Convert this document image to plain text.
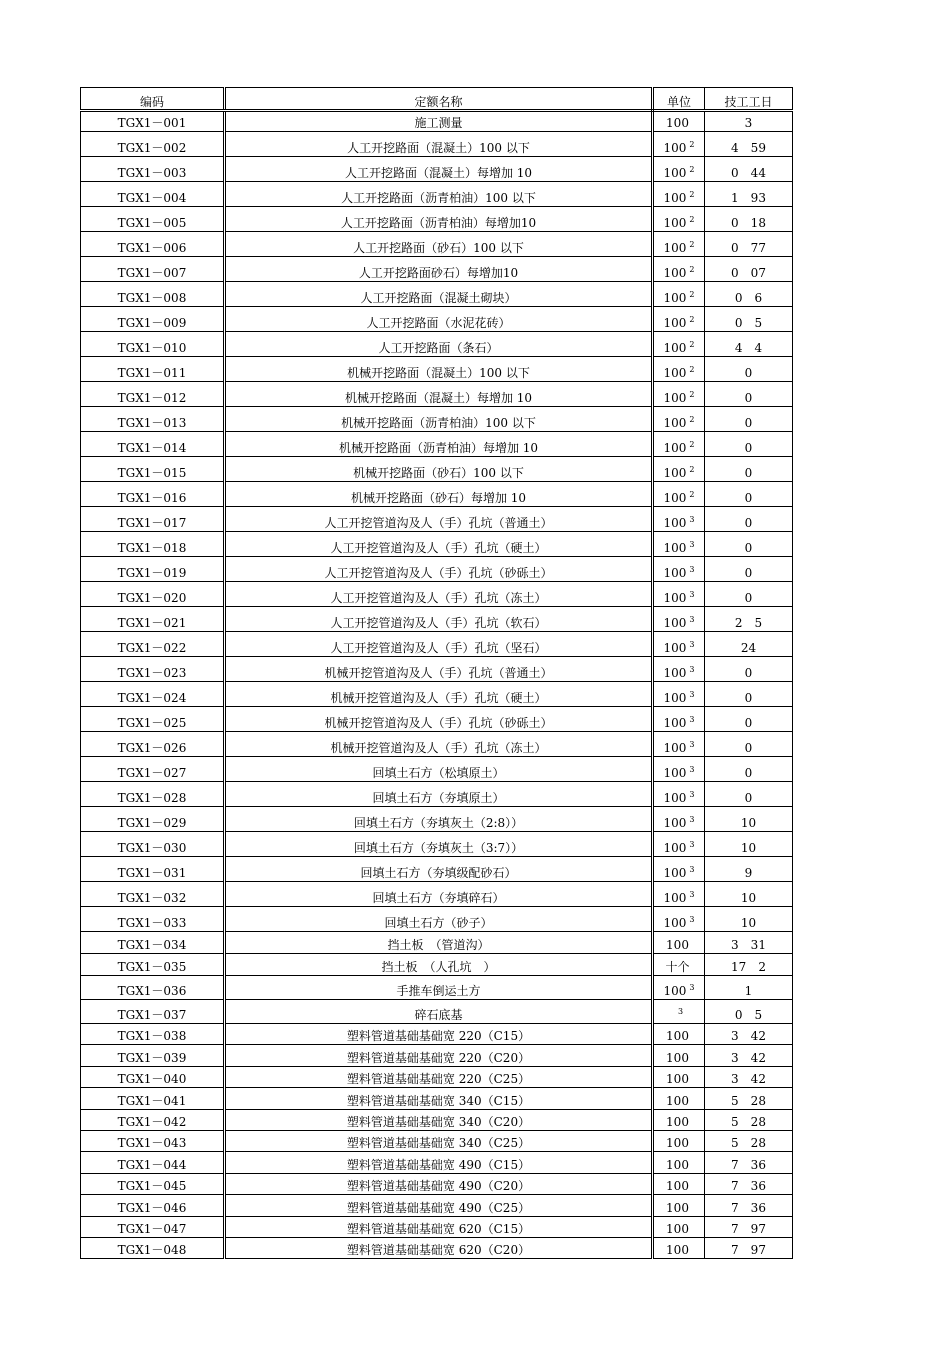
编码	定额名称	单位	技工工日
TGX1－001	施工测量	100	3
TGX1－002	人工开挖路面（混凝土）100 以下	100 $^2$	4　59
TGX1－003	人工开挖路面（混凝土）每增加 10	100 $^2$	0　44
TGX1－004	人工开挖路面（沥青柏油）100 以下	100 $^2$	1　93
TGX1－005	人工开挖路面（沥青柏油）每增加10	100 $^2$	0　18
TGX1－006	人工开挖路面（砂石）100 以下	100 $^2$	0　77
TGX1－007	人工开挖路面砂石）每增加10	100 $^2$	0　07
TGX1－008	人工开挖路面（混凝土砌块）	100 $^2$	0　6
TGX1－009	人工开挖路面（水泥花砖）	100 $^2$	0　5
TGX1－010	人工开挖路面（条石）	100 $^2$	4　4
TGX1－011	机械开挖路面（混凝土）100 以下	100 $^2$	0
TGX1－012	机械开挖路面（混凝土）每增加 10	100 $^2$	0
TGX1－013	机械开挖路面（沥青柏油）100 以下	100 $^2$	0
TGX1－014	机械开挖路面（沥青柏油）每增加 10	100 $^2$	0
TGX1－015	机械开挖路面（砂石）100 以下	100 $^2$	0
TGX1－016	机械开挖路面（砂石）每增加 10	100 $^2$	0
TGX1－017	人工开挖管道沟及人（手）孔坑（普通土）	100 $^3$	0
TGX1－018	人工开挖管道沟及人（手）孔坑（硬土）	100 $^3$	0
TGX1－019	人工开挖管道沟及人（手）孔坑（砂砾土）	100 $^3$	0
TGX1－020	人工开挖管道沟及人（手）孔坑（冻土）	100 $^3$	0
TGX1－021	人工开挖管道沟及人（手）孔坑（软石）	100 $^3$	2　5
TGX1－022	人工开挖管道沟及人（手）孔坑（坚石）	100 $^3$	24
TGX1－023	机械开挖管道沟及人（手）孔坑（普通土）	100 $^3$	0
TGX1－024	机械开挖管道沟及人（手）孔坑（硬土）	100 $^3$	0
TGX1－025	机械开挖管道沟及人（手）孔坑（砂砾土）	100 $^3$	0
TGX1－026	机械开挖管道沟及人（手）孔坑（冻土）	100 $^3$	0
TGX1－027	回填土石方（松填原土）	100 $^3$	0
TGX1－028	回填土石方（夯填原土）	100 $^3$	0
TGX1－029	回填土石方（夯填灰土（2:8））	100 $^3$	10
TGX1－030	回填土石方（夯填灰土（3:7））	100 $^3$	10
TGX1－031	回填土石方（夯填级配砂石）	100 $^3$	9
TGX1－032	回填土石方（夯填碎石）	100 $^3$	10
TGX1－033	回填土石方（砂子）	100 $^3$	10
TGX1－034	挡土板　（管道沟）	100	3　31
TGX1－035	挡土板　（人孔坑　）	十个	17　2
TGX1－036	手推车倒运土方	100 $^3$	1
TGX1－037	碎石底基	$^3$	0　5
TGX1－038	塑料管道基础基础宽 220（C15）	100	3　42
TGX1－039	塑料管道基础基础宽 220（C20）	100	3　42
TGX1－040	塑料管道基础基础宽 220（C25）	100	3　42
TGX1－041	塑料管道基础基础宽 340（C15）	100	5　28
TGX1－042	塑料管道基础基础宽 340（C20）	100	5　28
TGX1－043	塑料管道基础基础宽 340（C25）	100	5　28
TGX1－044	塑料管道基础基础宽 490（C15）	100	7　36
TGX1－045	塑料管道基础基础宽 490（C20）	100	7　36
TGX1－046	塑料管道基础基础宽 490（C25）	100	7　36
TGX1－047	塑料管道基础基础宽 620（C15）	100	7　97
TGX1－048	塑料管道基础基础宽 620（C20）	100	7　97
